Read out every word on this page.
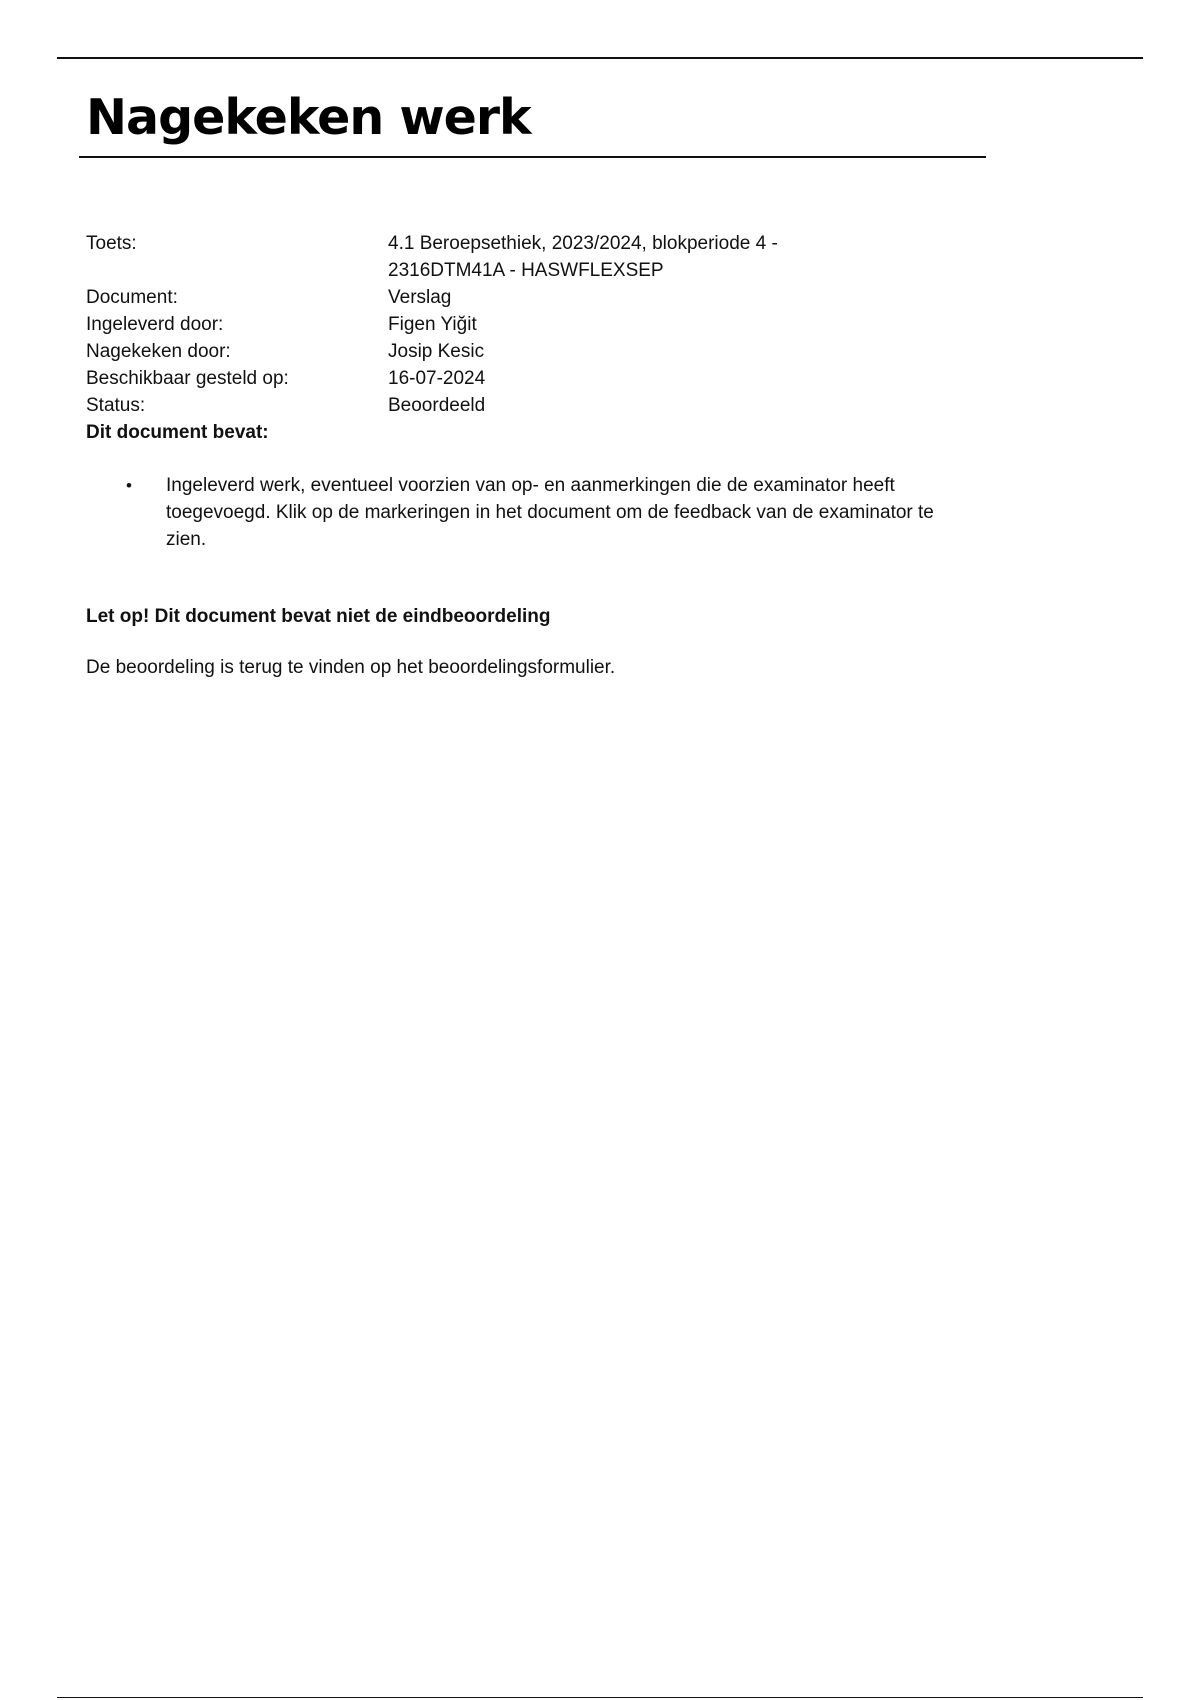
Nagekeken werk
Toets:	4.1 Beroepsethiek, 2023/2024, blokperiode 4 - 2316DTM41A - HASWFLEXSEP
Document:	Verslag
Ingeleverd door:	Figen Yiğit
Nagekeken door:	Josip Kesic
Beschikbaar gesteld op:	16-07-2024
Status:	Beoordeeld
Dit document bevat:
•	Ingeleverd werk, eventueel voorzien van op- en aanmerkingen die de examinator heeft toegevoegd. Klik op de markeringen in het document om de feedback van de examinator te zien.
Let op! Dit document bevat niet de eindbeoordeling
De beoordeling is terug te vinden op het beoordelingsformulier.
